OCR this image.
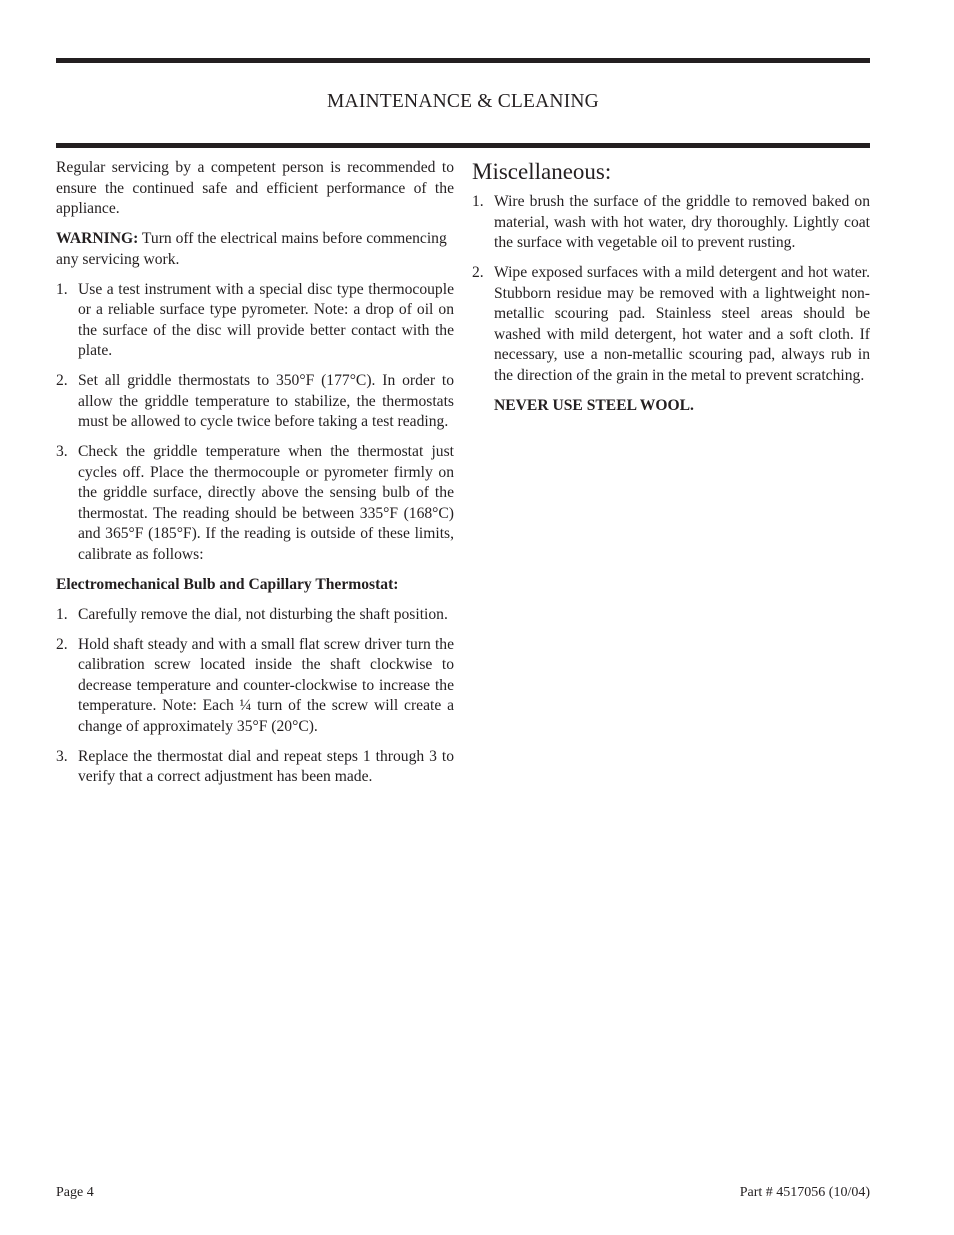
MAINTENANCE & CLEANING

Regular servicing by a competent person is recommended to ensure the continued safe and efficient performance of the appliance.

WARNING: Turn off the electrical mains before commencing any servicing work.

1. Use a test instrument with a special disc type thermocouple or a reliable surface type pyrometer. Note: a drop of oil on the surface of the disc will provide better contact with the plate.
2. Set all griddle thermostats to 350°F (177°C). In order to allow the griddle temperature to stabilize, the thermostats must be allowed to cycle twice before taking a test reading.
3. Check the griddle temperature when the thermostat just cycles off. Place the thermocouple or pyrometer firmly on the griddle surface, directly above the sensing bulb of the thermostat. The reading should be between 335°F (168°C) and 365°F (185°F). If the reading is outside of these limits, calibrate as follows:

Electromechanical Bulb and Capillary Thermostat:

1. Carefully remove the dial, not disturbing the shaft position.
2. Hold shaft steady and with a small flat screw driver turn the calibration screw located inside the shaft clockwise to decrease temperature and counter-clockwise to increase the temperature. Note: Each ¼ turn of the screw will create a change of approximately 35°F (20°C).
3. Replace the thermostat dial and repeat steps 1 through 3 to verify that a correct adjustment has been made.
Miscellaneous:
1. Wire brush the surface of the griddle to removed baked on material, wash with hot water, dry thoroughly. Lightly coat the surface with vegetable oil to prevent rusting.
2. Wipe exposed surfaces with a mild detergent and hot water. Stubborn residue may be removed with a lightweight non-metallic scouring pad. Stainless steel areas should be washed with mild detergent, hot water and a soft cloth. If necessary, use a non-metallic scouring pad, always rub in the direction of the grain in the metal to prevent scratching.

NEVER USE STEEL WOOL.

Page 4	Part # 4517056 (10/04)
